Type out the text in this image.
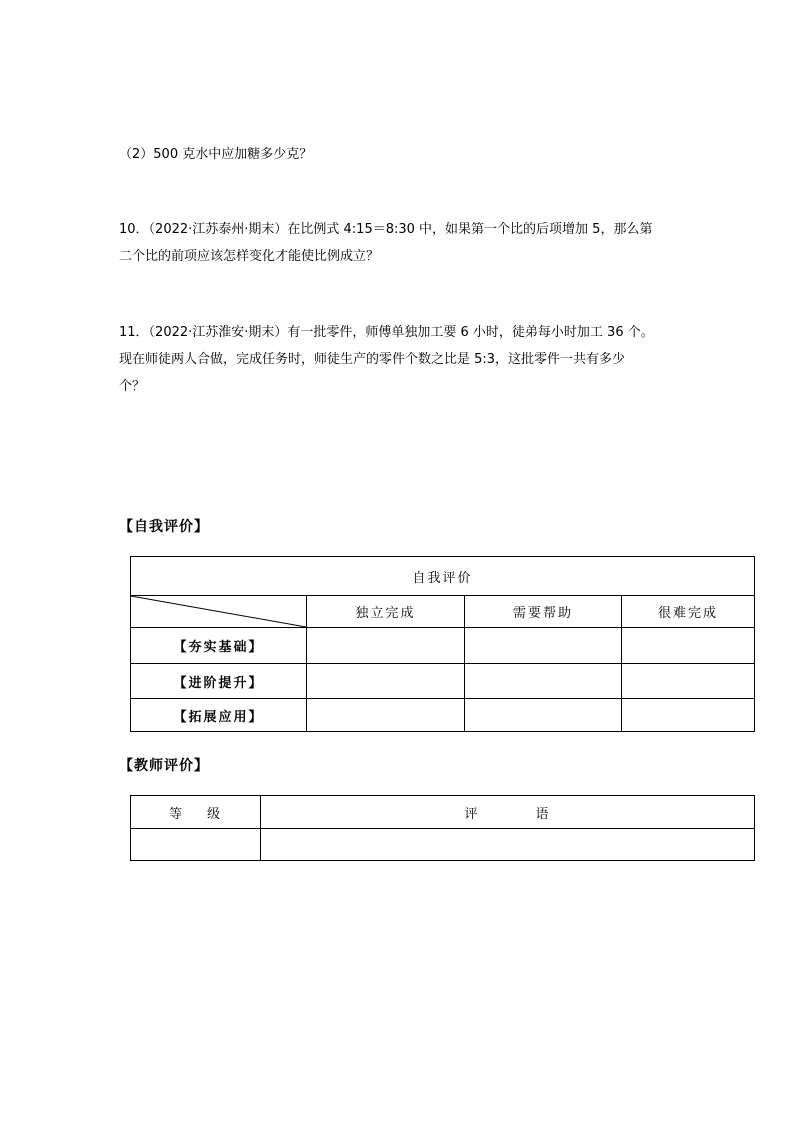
（2）500 克水中应加糖多少克？
10．（2022·江苏泰州·期末）在比例式 4:15＝8:30 中，如果第一个比的后项增加 5，那么第
二个比的前项应该怎样变化才能使比例成立？
11．（2022·江苏淮安·期末）有一批零件，师傅单独加工要 6 小时，徒弟每小时加工 36 个。
现在师徒两人合做，完成任务时，师徒生产的零件个数之比是 5:3，这批零件一共有多少
个？
【自我评价】
自我评价			

	独立完成	需要帮助	很难完成
【夯实基础】			
【进阶提升】			
【拓展应用】			
【教师评价】
等 级	评 语
